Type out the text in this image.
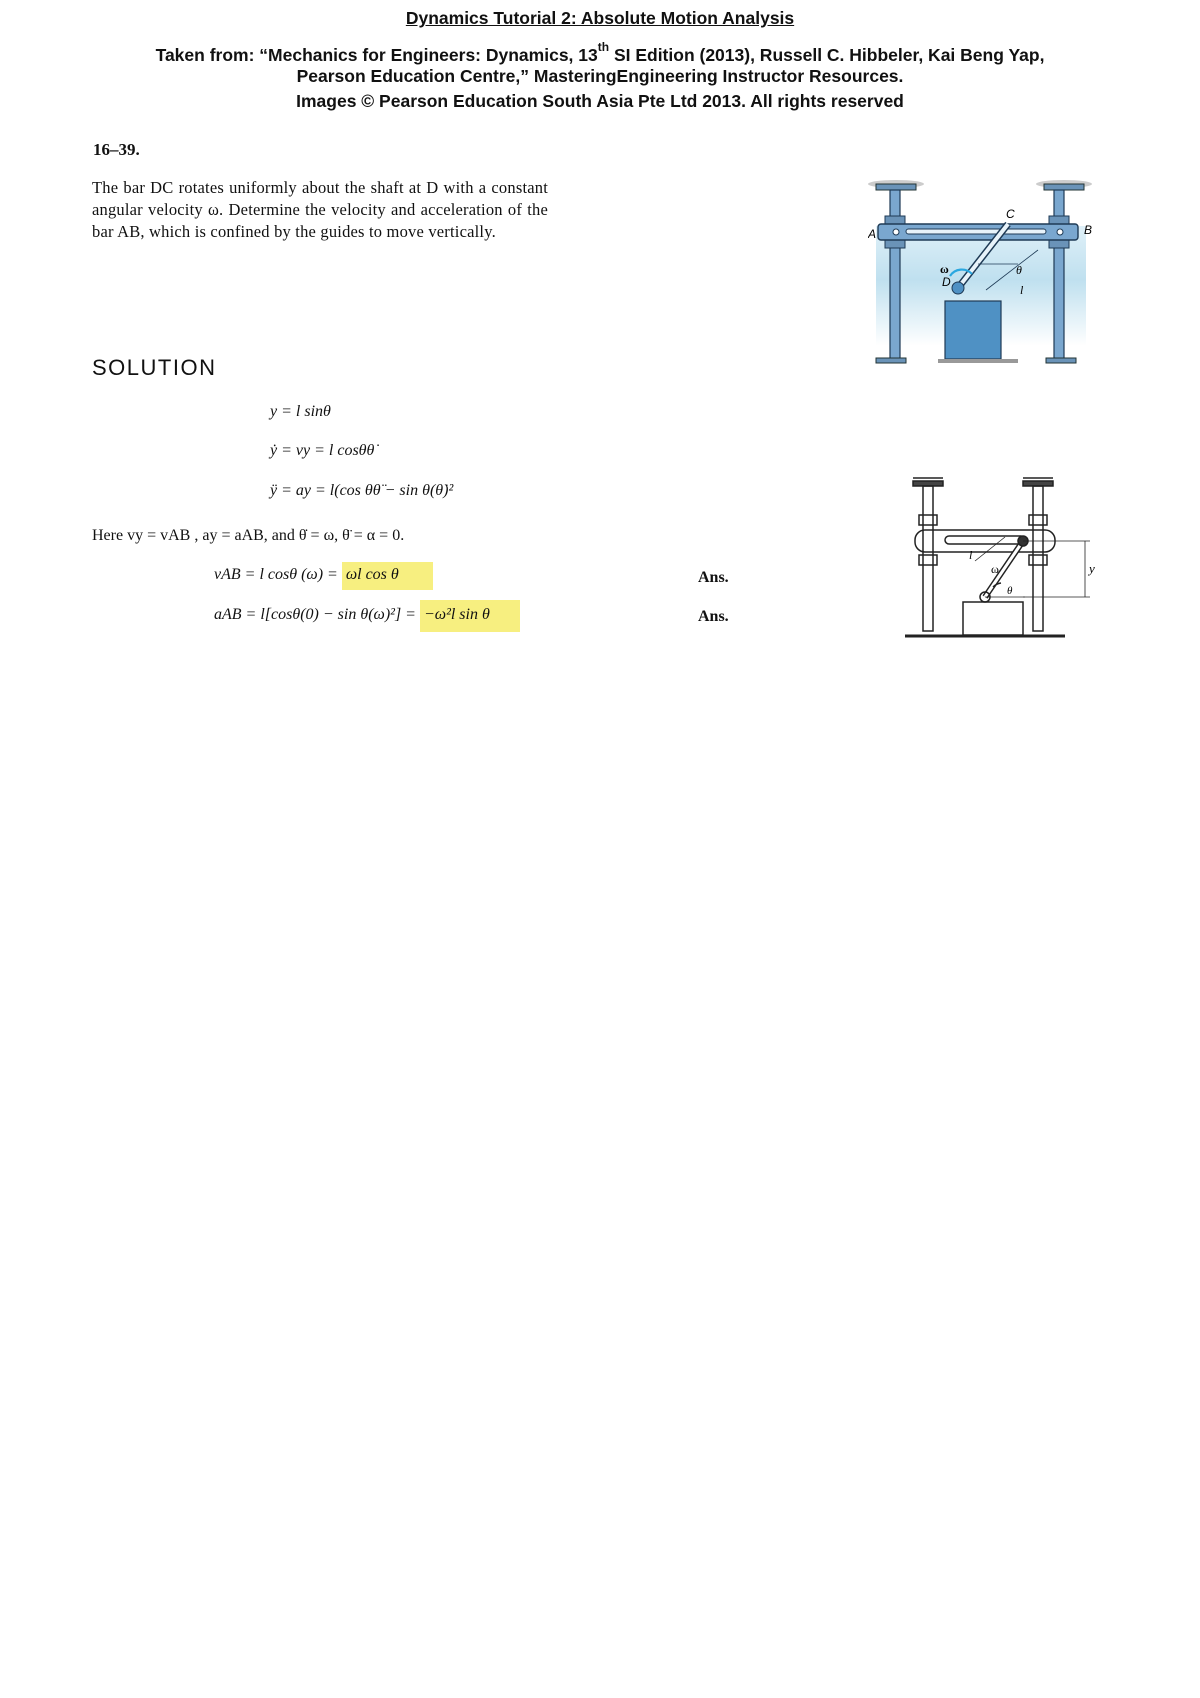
Dynamics Tutorial 2: Absolute Motion Analysis
Taken from: “Mechanics for Engineers: Dynamics, 13th SI Edition (2013), Russell C. Hibbeler, Kai Beng Yap,
Pearson Education Centre,” MasteringEngineering Instructor Resources.
Images © Pearson Education South Asia Pte Ltd 2013. All rights reserved
16–39.
The bar DC rotates uniformly about the shaft at D with a constant angular velocity ω. Determine the velocity and acceleration of the bar AB, which is confined by the guides to move vertically.	A	B
C
D
ω	θ
l
SOLUTION
y = l sinθ
ẏ = vy = l cosθθ̇
ÿ = ay = l(cos θθ̈ − sin θ(θ̇)²
Here vy = vAB , ay = aAB, and θ̇ = ω, θ̈ = α = 0.
vAB = l cosθ (ω) = ωl cos θ	Ans.
aAB = l[cosθ(0) − sin θ(ω)²] = −ω²l sin θ	Ans.
l
ω
θ
y
